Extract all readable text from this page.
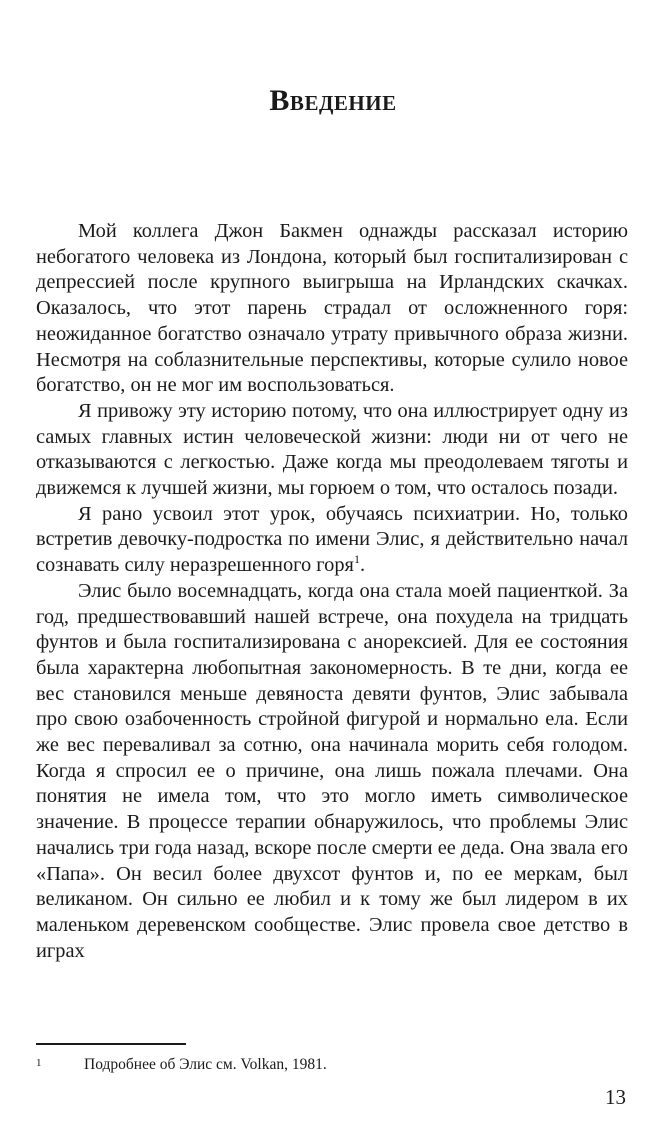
Введение

Мой коллега Джон Бакмен однажды рассказал историю небогатого человека из Лондона, который был госпитализирован с депрессией после крупного выигрыша на Ирландских скачках. Оказалось, что этот парень страдал от осложненного горя: неожиданное богатство означало утрату привычного образа жизни. Несмотря на соблазнительные перспективы, которые сулило новое богатство, он не мог им воспользоваться.

Я привожу эту историю потому, что она иллюстрирует одну из самых главных истин человеческой жизни: люди ни от чего не отказываются с легкостью. Даже когда мы преодолеваем тяготы и движемся к лучшей жизни, мы горюем о том, что осталось позади.

Я рано усвоил этот урок, обучаясь психиатрии. Но, только встретив девочку-подростка по имени Элис, я действительно начал сознавать силу неразрешенного горя$^1$.

Элис было восемнадцать, когда она стала моей пациенткой. За год, предшествовавший нашей встрече, она похудела на тридцать фунтов и была госпитализирована с анорексией. Для ее состояния была характерна любопытная закономерность. В те дни, когда ее вес становился меньше девяноста девяти фунтов, Элис забывала про свою озабоченность стройной фигурой и нормально ела. Если же вес переваливал за сотню, она начинала морить себя голодом. Когда я спросил ее о причине, она лишь пожала плечами. Она понятия не имела том, что это могло иметь символическое значение. В процессе терапии обнаружилось, что проблемы Элис начались три года назад, вскоре после смерти ее деда. Она звала его «Папа». Он весил более двухсот фунтов и, по ее меркам, был великаном. Он сильно ее любил и к тому же был лидером в их маленьком деревенском сообществе. Элис провела свое детство в играх

1	Подробнее об Элис см. Volkan, 1981.
13
